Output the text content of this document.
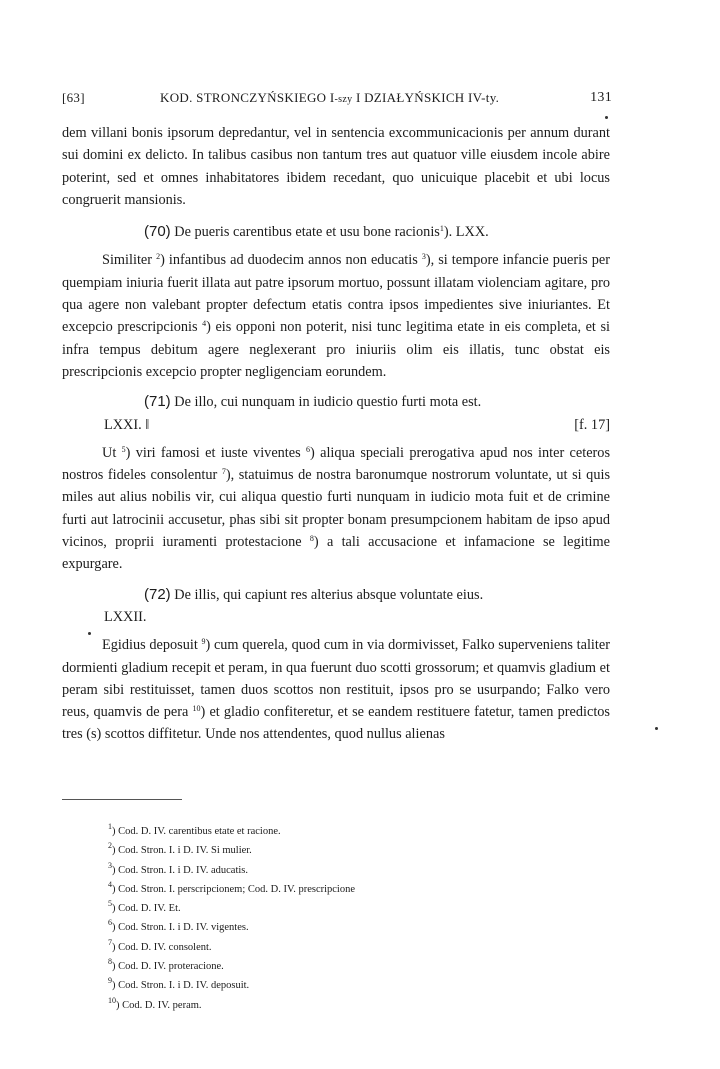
[63]	KOD. STRONCZYŃSKIEGO I-szy I DZIAŁYŃSKICH IV-ty.	131

dem villani bonis ipsorum depredantur, vel in sentencia excommunicacionis per annum durant sui domini ex delicto. In talibus casibus non tantum tres aut quatuor ville eiusdem incole abire poterint, sed et omnes inhabitatores ibidem recedant, quo unicuique placebit et ubi locus congruerit mansionis.

(70) De pueris carentibus etate et usu bone racionis$^1$). LXX.

Similiter $^2$) infantibus ad duodecim annos non educatis $^3$), si tempore infancie pueris per quempiam iniuria fuerit illata aut patre ipsorum mortuo, possunt illatam violenciam agitare, pro qua agere non valebant propter defectum etatis contra ipsos impedientes sive iniuriantes. Et excepcio prescripcionis $^4$) eis opponi non poterit, nisi tunc legitima etate in eis completa, et si infra tempus debitum agere neglexerant pro iniuriis olim eis illatis, tunc obstat eis prescripcionis excepcio propter negligenciam eorundem.

(71) De illo, cui nunquam in iudicio questio furti mota est.
LXXI. ‖	[f. 17]

Ut $^5$) viri famosi et iuste viventes $^6$) aliqua speciali prerogativa apud nos inter ceteros nostros fideles consolentur $^7$), statuimus de nostra baronumque nostrorum voluntate, ut si quis miles aut alius nobilis vir, cui aliqua questio furti nunquam in iudicio mota fuit et de crimine furti aut latrocinii accusetur, phas sibi sit propter bonam presumpcionem habitam de ipso apud vicinos, proprii iuramenti protestacione $^8$) a tali accusacione et infamacione se legitime expurgare.

(72) De illis, qui capiunt res alterius absque voluntate eius.
LXXII.

Egidius deposuit $^9$) cum querela, quod cum in via dormivisset, Falko superveniens taliter dormienti gladium recepit et peram, in qua fuerunt duo scotti grossorum; et quamvis gladium et peram sibi restituisset, tamen duos scottos non restituit, ipsos pro se usurpando; Falko vero reus, quamvis de pera $^{10}$) et gladio confiteretur, et se eandem restituere fatetur, tamen predictos tres (s) scottos diffitetur. Unde nos attendentes, quod nullus alienas

$^1$) Cod. D. IV. carentibus etate et racione.

$^2$) Cod. Stron. I. i D. IV. Si mulier.

$^3$) Cod. Stron. I. i D. IV. aducatis.

$^4$) Cod. Stron. I. perscripcionem; Cod. D. IV. prescripcione

$^5$) Cod. D. IV. Et.

$^6$) Cod. Stron. I. i D. IV. vigentes.

$^7$) Cod. D. IV. consolent.

$^8$) Cod. D. IV. proteracione.

$^9$) Cod. Stron. I. i D. IV. deposuit.

$^{10}$) Cod. D. IV. peram.
